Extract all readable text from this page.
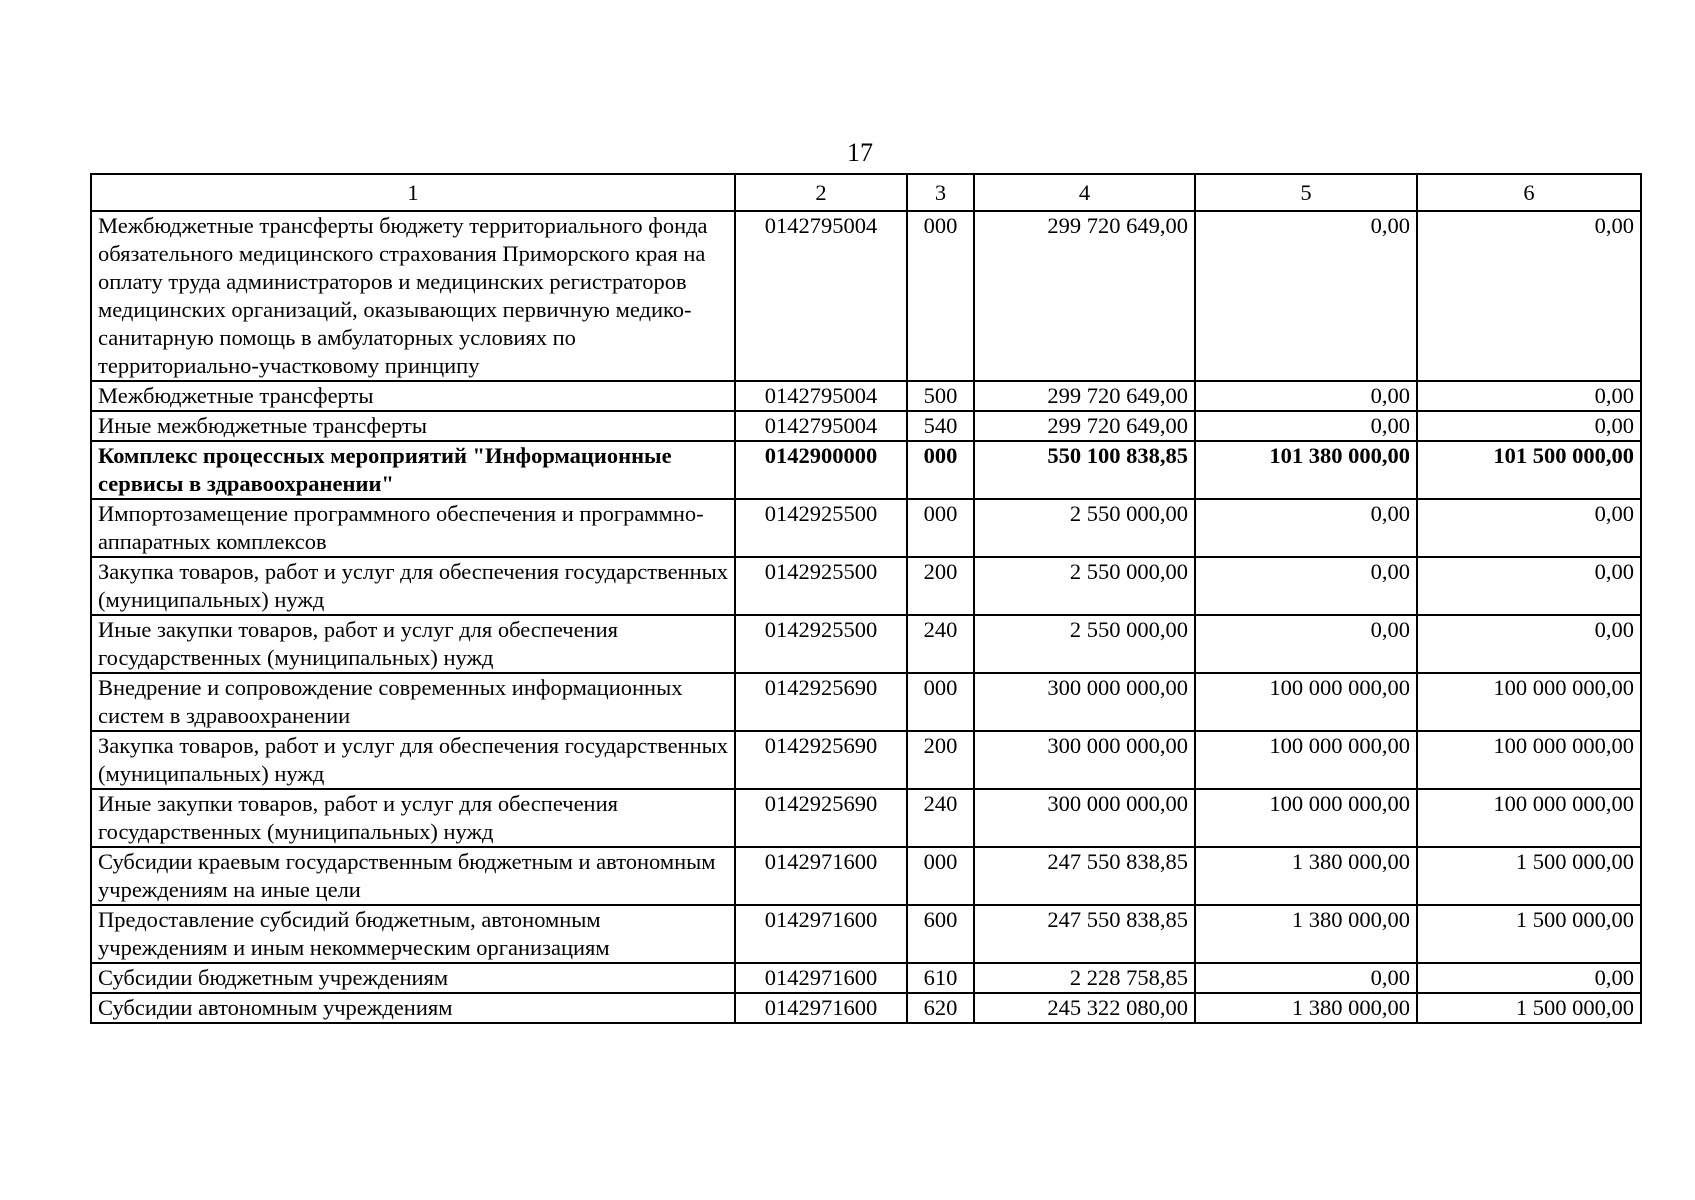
17
1	2	3	4	5	6
Межбюджетные трансферты бюджету территориального фонда обязательного медицинского страхования Приморского края на оплату труда администраторов и медицинских регистраторов медицинских организаций, оказывающих первичную медико-санитарную помощь в амбулаторных условиях по территориально-участковому принципу	0142795004	000	299 720 649,00	0,00	0,00
Межбюджетные трансферты	0142795004	500	299 720 649,00	0,00	0,00
Иные межбюджетные трансферты	0142795004	540	299 720 649,00	0,00	0,00
Комплекс процессных мероприятий "Информационные сервисы в здравоохранении"	0142900000	000	550 100 838,85	101 380 000,00	101 500 000,00
Импортозамещение программного обеспечения и программно-аппаратных комплексов	0142925500	000	2 550 000,00	0,00	0,00
Закупка товаров, работ и услуг для обеспечения государственных (муниципальных) нужд	0142925500	200	2 550 000,00	0,00	0,00
Иные закупки товаров, работ и услуг для обеспечения государственных (муниципальных) нужд	0142925500	240	2 550 000,00	0,00	0,00
Внедрение и сопровождение современных информационных систем в здравоохранении	0142925690	000	300 000 000,00	100 000 000,00	100 000 000,00
Закупка товаров, работ и услуг для обеспечения государственных (муниципальных) нужд	0142925690	200	300 000 000,00	100 000 000,00	100 000 000,00
Иные закупки товаров, работ и услуг для обеспечения государственных (муниципальных) нужд	0142925690	240	300 000 000,00	100 000 000,00	100 000 000,00
Субсидии краевым государственным бюджетным и автономным учреждениям на иные цели	0142971600	000	247 550 838,85	1 380 000,00	1 500 000,00
Предоставление субсидий бюджетным, автономным учреждениям и иным некоммерческим организациям	0142971600	600	247 550 838,85	1 380 000,00	1 500 000,00
Субсидии бюджетным учреждениям	0142971600	610	2 228 758,85	0,00	0,00
Субсидии автономным учреждениям	0142971600	620	245 322 080,00	1 380 000,00	1 500 000,00
